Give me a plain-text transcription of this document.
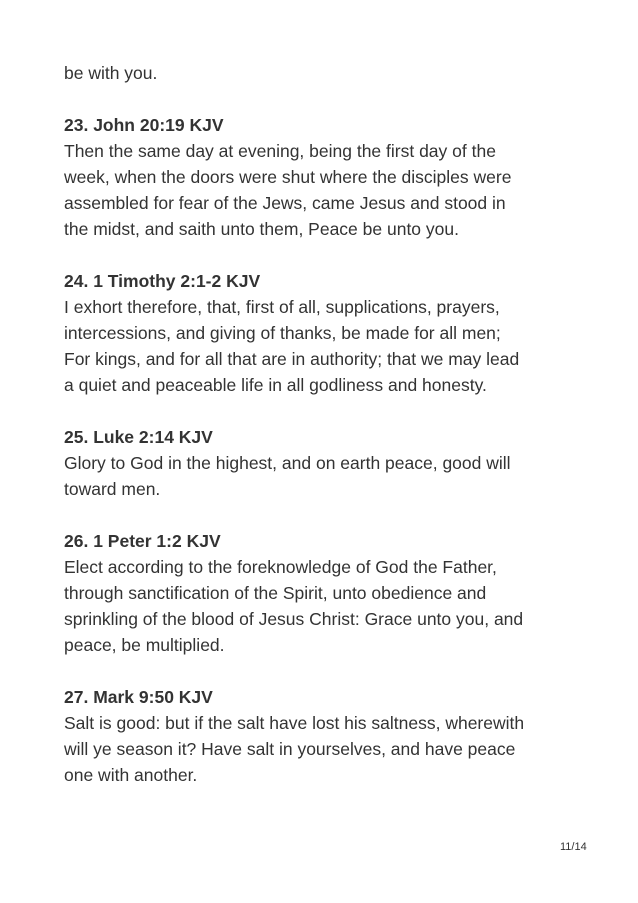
be with you.
23. John 20:19 KJV
Then the same day at evening, being the first day of the
week, when the doors were shut where the disciples were
assembled for fear of the Jews, came Jesus and stood in
the midst, and saith unto them, Peace be unto you.
24. 1 Timothy 2:1-2 KJV
I exhort therefore, that, first of all, supplications, prayers,
intercessions, and giving of thanks, be made for all men;
For kings, and for all that are in authority; that we may lead
a quiet and peaceable life in all godliness and honesty.
25. Luke 2:14 KJV
Glory to God in the highest, and on earth peace, good will
toward men.
26. 1 Peter 1:2 KJV
Elect according to the foreknowledge of God the Father,
through sanctification of the Spirit, unto obedience and
sprinkling of the blood of Jesus Christ: Grace unto you, and
peace, be multiplied.
27. Mark 9:50 KJV
Salt is good: but if the salt have lost his saltness, wherewith
will ye season it? Have salt in yourselves, and have peace
one with another.
11/14
